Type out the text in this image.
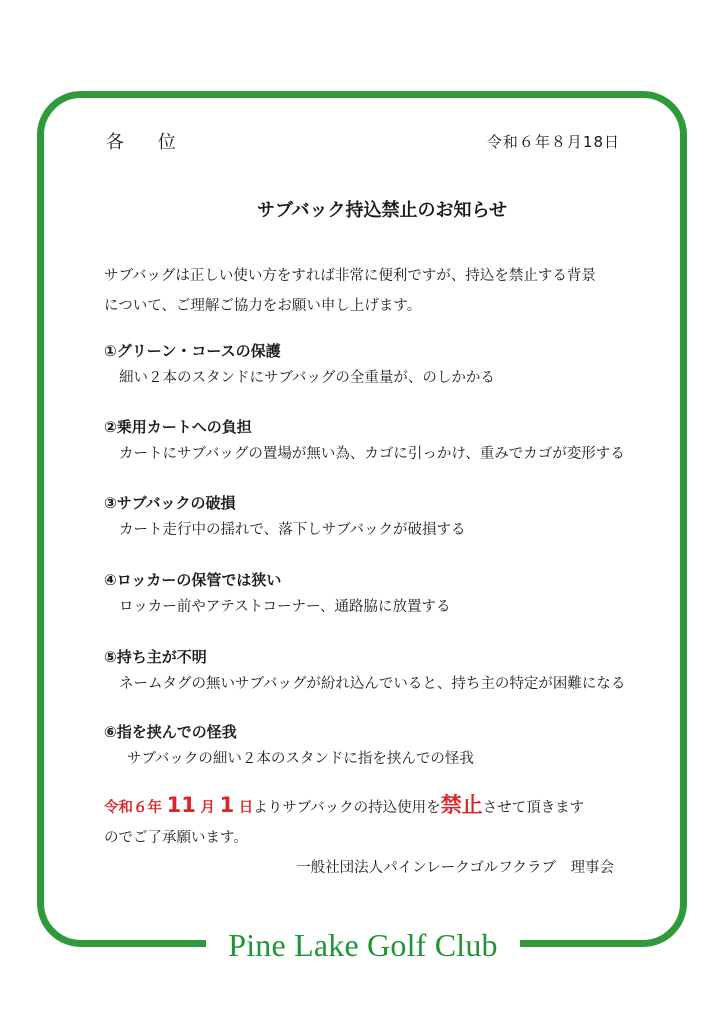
Pine Lake Golf Club
各 位	令和６年８月18日
サブバック持込禁止のお知らせ
サブバッグは正しい使い方をすれば非常に便利ですが、持込を禁止する背景
について、ご理解ご協力をお願い申し上げます。
①グリーン・コースの保護
細い２本のスタンドにサブバッグの全重量が、のしかかる
②乗用カートへの負担
カートにサブバッグの置場が無い為、カゴに引っかけ、重みでカゴが変形する
③サブバックの破損
カート走行中の揺れで、落下しサブバックが破損する
④ロッカーの保管では狭い
ロッカー前やアテストコーナー、通路脇に放置する
⑤持ち主が不明
ネームタグの無いサブバッグが紛れ込んでいると、持ち主の特定が困難になる
⑥指を挟んでの怪我
サブバックの細い２本のスタンドに指を挟んでの怪我
令和６年 11 月 1 日よりサブバックの持込使用を禁止させて頂きます
のでご了承願います。
一般社団法人パインレークゴルフクラブ　理事会
